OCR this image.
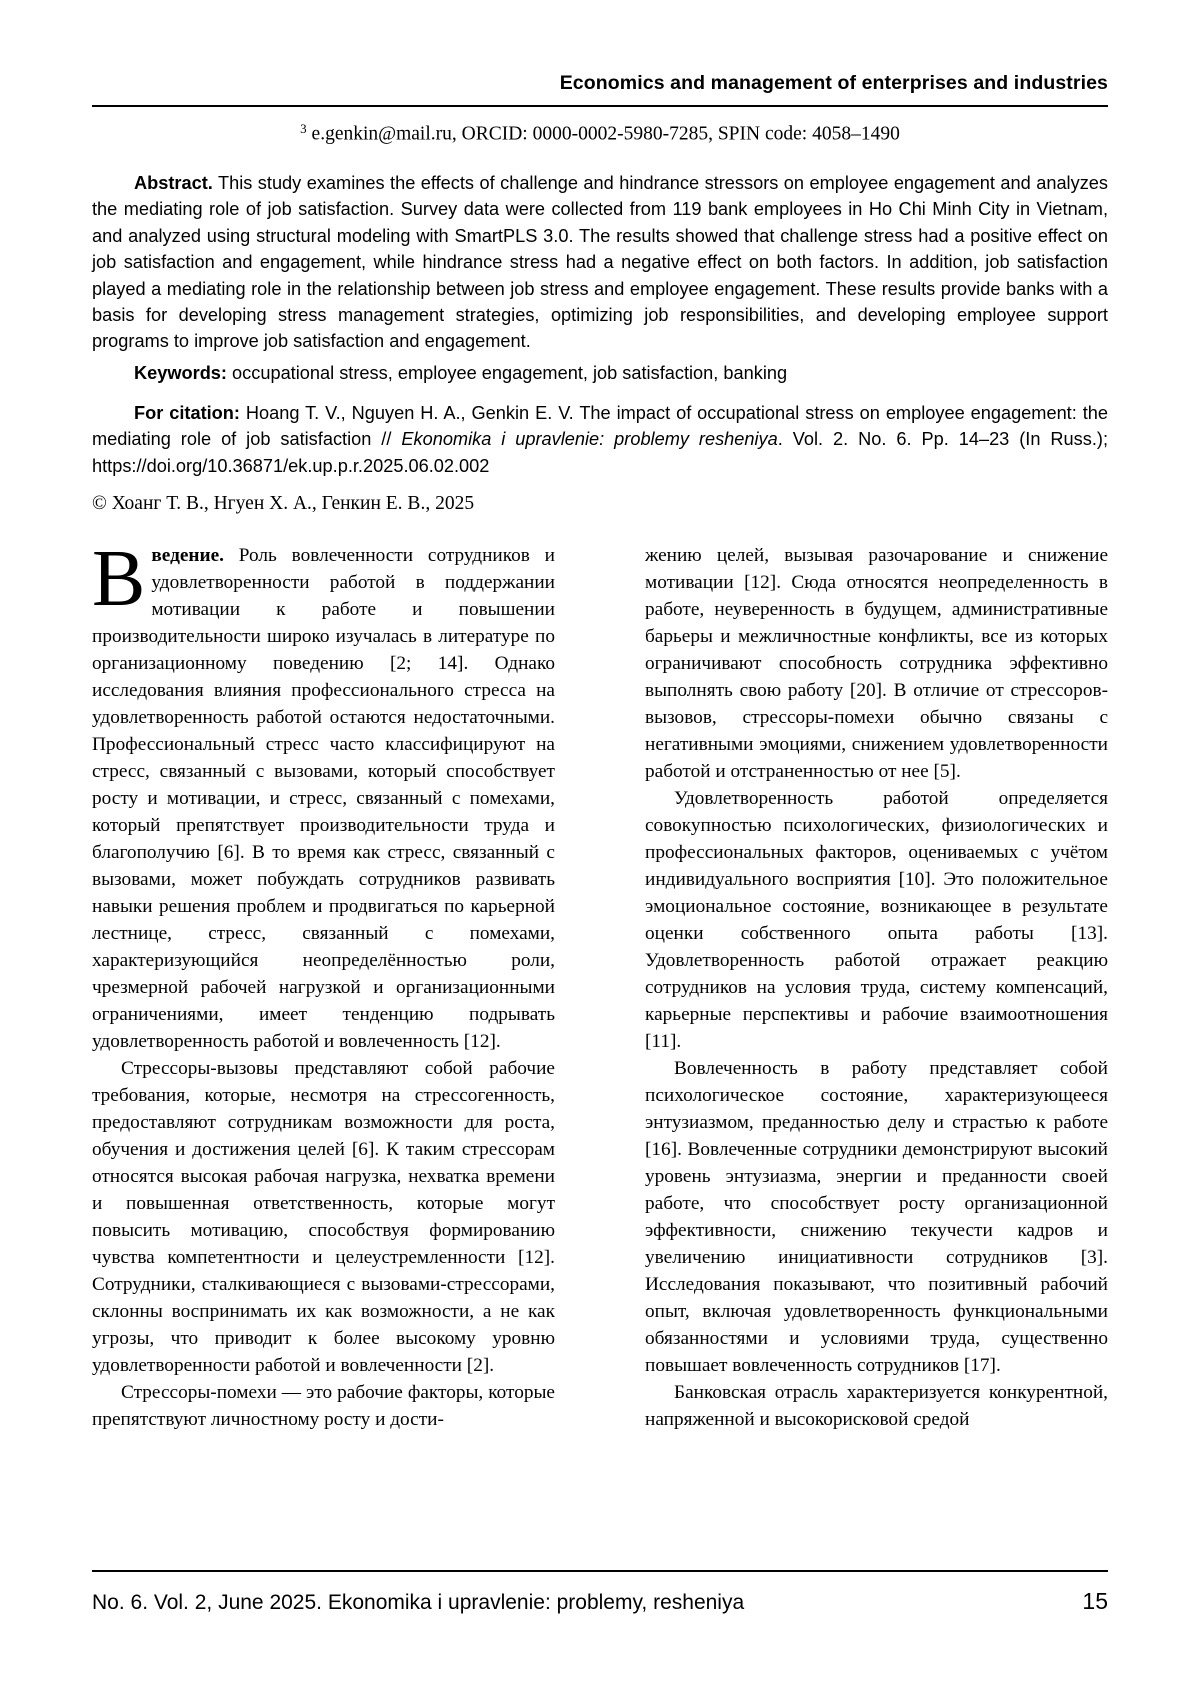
Economics and management of enterprises and industries
$^3$ e.genkin@mail.ru, ORCID: 0000-0002-5980-7285, SPIN code: 4058–1490

Abstract. This study examines the effects of challenge and hindrance stressors on employee engagement and analyzes the mediating role of job satisfaction. Survey data were collected from 119 bank employees in Ho Chi Minh City in Vietnam, and analyzed using structural modeling with SmartPLS 3.0. The results showed that challenge stress had a positive effect on job satisfaction and engagement, while hindrance stress had a negative effect on both factors. In addition, job satisfaction played a mediating role in the relationship between job stress and employee engagement. These results provide banks with a basis for developing stress management strategies, optimizing job responsibilities, and developing employee support programs to improve job satisfaction and engagement.

Keywords: occupational stress, employee engagement, job satisfaction, banking
For citation: Hoang T. V., Nguyen H. A., Genkin E. V. The impact of occupational stress on employee engagement: the mediating role of job satisfaction // Ekonomika i upravlenie: problemy resheniya. Vol. 2. No. 6. Pp. 14–23 (In Russ.); https://doi.org/10.36871/ek.up.p.r.2025.06.02.002
© Хоанг Т. В., Нгуен Х. А., Генкин Е. В., 2025

Введение. Роль вовлеченности сотрудников и удовлетворенности работой в поддержании мотивации к работе и повышении производительности широко изучалась в литературе по организационному поведению [2; 14]. Однако исследования влияния профессионального стресса на удовлетворенность работой остаются недостаточными. Профессиональный стресс часто классифицируют на стресс, связанный с вызовами, который способствует росту и мотивации, и стресс, связанный с помехами, который препятствует производительности труда и благополучию [6]. В то время как стресс, связанный с вызовами, может побуждать сотрудников развивать навыки решения проблем и продвигаться по карьерной лестнице, стресс, связанный с помехами, характеризующийся неопределённостью роли, чрезмерной рабочей нагрузкой и организационными ограничениями, имеет тенденцию подрывать удовлетворенность работой и вовлеченность [12].

Стрессоры-вызовы представляют собой рабочие требования, которые, несмотря на стрессогенность, предоставляют сотрудникам возможности для роста, обучения и достижения целей [6]. К таким стрессорам относятся высокая рабочая нагрузка, нехватка времени и повышенная ответственность, которые могут повысить мотивацию, способствуя формированию чувства компетентности и целеустремленности [12]. Сотрудники, сталкивающиеся с вызовами-стрессорами, склонны воспринимать их как возможности, а не как угрозы, что приводит к более высокому уровню удовлетворенности работой и вовлеченности [2].

Стрессоры-помехи — это рабочие факторы, которые препятствуют личностному росту и дости-

жению целей, вызывая разочарование и снижение мотивации [12]. Сюда относятся неопределенность в работе, неуверенность в будущем, административные барьеры и межличностные конфликты, все из которых ограничивают способность сотрудника эффективно выполнять свою работу [20]. В отличие от стрессоров-вызовов, стрессоры-помехи обычно связаны с негативными эмоциями, снижением удовлетворенности работой и отстраненностью от нее [5].

Удовлетворенность работой определяется совокупностью психологических, физиологических и профессиональных факторов, оцениваемых с учётом индивидуального восприятия [10]. Это положительное эмоциональное состояние, возникающее в результате оценки собственного опыта работы [13]. Удовлетворенность работой отражает реакцию сотрудников на условия труда, систему компенсаций, карьерные перспективы и рабочие взаимоотношения [11].

Вовлеченность в работу представляет собой психологическое состояние, характеризующееся энтузиазмом, преданностью делу и страстью к работе [16]. Вовлеченные сотрудники демонстрируют высокий уровень энтузиазма, энергии и преданности своей работе, что способствует росту организационной эффективности, снижению текучести кадров и увеличению инициативности сотрудников [3]. Исследования показывают, что позитивный рабочий опыт, включая удовлетворенность функциональными обязанностями и условиями труда, существенно повышает вовлеченность сотрудников [17].

Банковская отрасль характеризуется конкурентной, напряженной и высокорисковой средой

No. 6. Vol. 2, June 2025. Ekonomika i upravlenie: problemy, resheniya	15
